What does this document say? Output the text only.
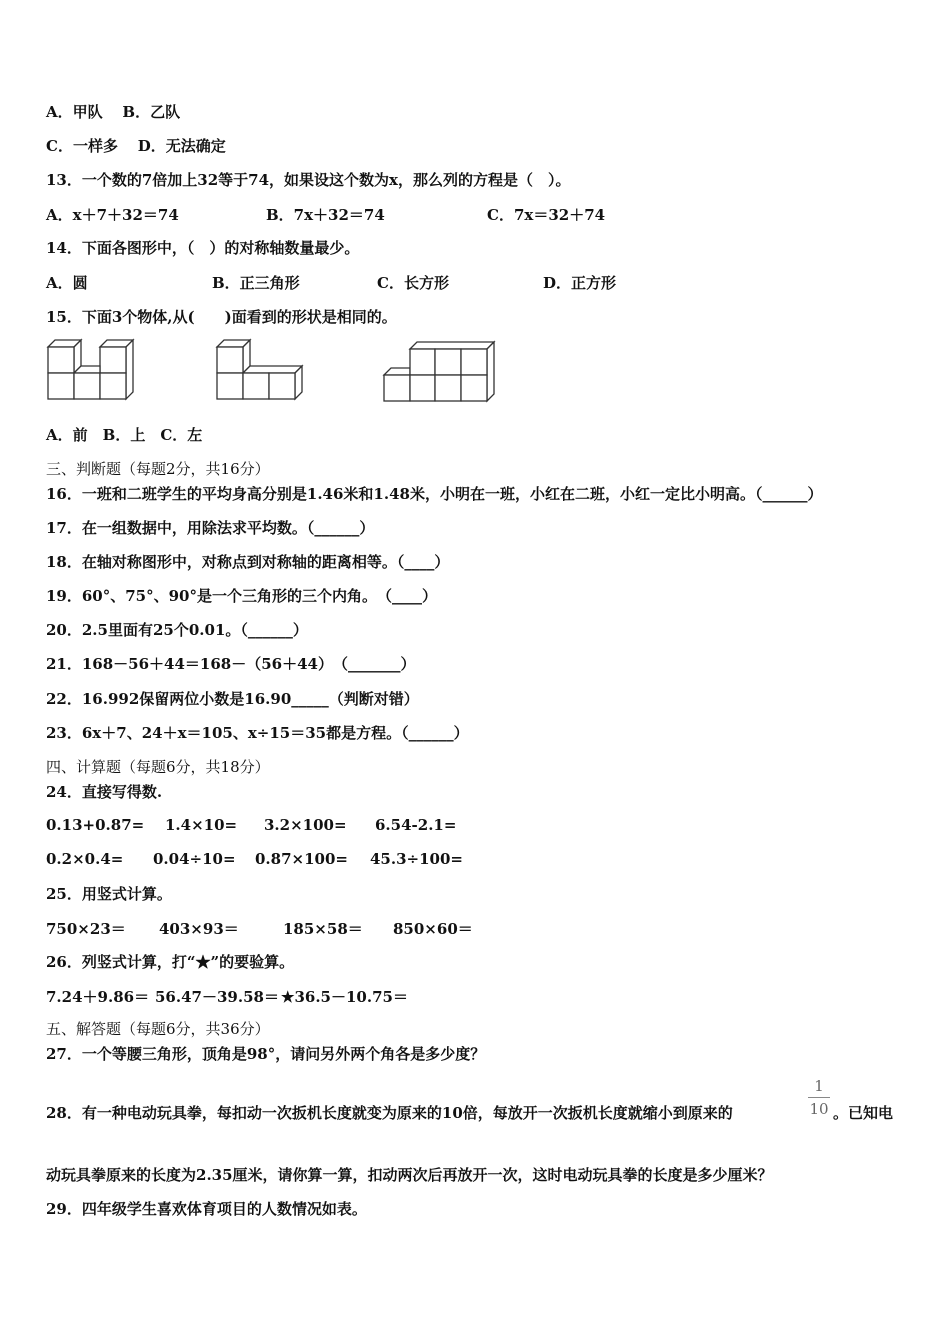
A．甲队　 B．乙队
C．一样多　 D．无法确定
13．一个数的7倍加上32等于74，如果设这个数为x，那么列的方程是（　）。
A．x＋7＋32＝74	B．7x＋32＝74	C．7x＝32＋74
14．下面各图形中，（　）的对称轴数量最少。
A．圆	B．正三角形	C．长方形	D．正方形
15．下面3个物体,从(　　)面看到的形状是相同的。
A．前　B．上　C．左
三、判断题（每题2分，共16分）
16．一班和二班学生的平均身高分别是1.46米和1.48米，小明在一班，小红在二班，小红一定比小明高。（______）
17．在一组数据中，用除法求平均数。（______）
18．在轴对称图形中，对称点到对称轴的距离相等。（____）
19．60°、75°、90°是一个三角形的三个内角。　（____）
20．2.5里面有25个0.01。（______）
21．168－56＋44＝168－（56＋44）　（_______）
22．16.992保留两位小数是16.90_____（判断对错）
23．6x＋7、24＋x＝105、x÷15＝35都是方程。（______）
四、计算题（每题6分，共18分）
24．直接写得数.
0.13+0.87= 1.4×10= 3.2×100= 6.54-2.1=
0.2×0.4= 0.04÷10= 0.87×100= 45.3÷100=
25．用竖式计算。
750×23＝ 403×93＝	185×58＝ 850×60＝
26．列竖式计算，打“★”的要验算。
7.24＋9.86＝ 56.47－39.58＝ ★36.5－10.75＝
五、解答题（每题6分，共36分）
27．一个等腰三角形，顶角是98°，请问另外两个角各是多少度？
28．有一种电动玩具拳，每扣动一次扳机长度就变为原来的10倍，每放开一次扳机长度就缩小到原来的
1
10 。已知电
动玩具拳原来的长度为2.35厘米，请你算一算，扣动两次后再放开一次，这时电动玩具拳的长度是多少厘米？
29．四年级学生喜欢体育项目的人数情况如表。
